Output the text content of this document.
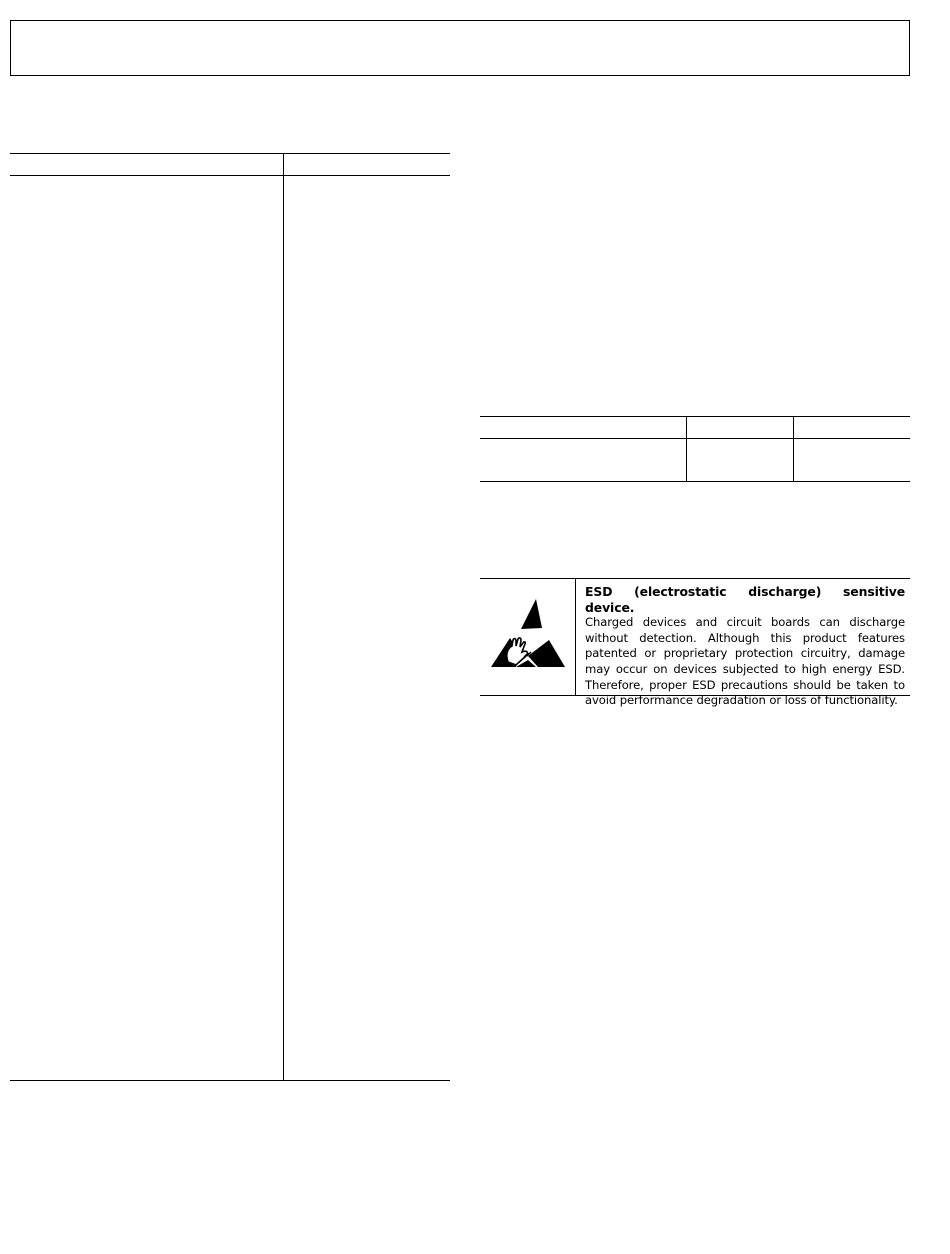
ESD (electrostatic discharge) sensitive device.
Charged devices and circuit boards can discharge without detection. Although this product features patented or proprietary protection circuitry, damage may occur on devices subjected to high energy ESD. Therefore, proper ESD precautions should be taken to avoid performance degradation or loss of functionality.
